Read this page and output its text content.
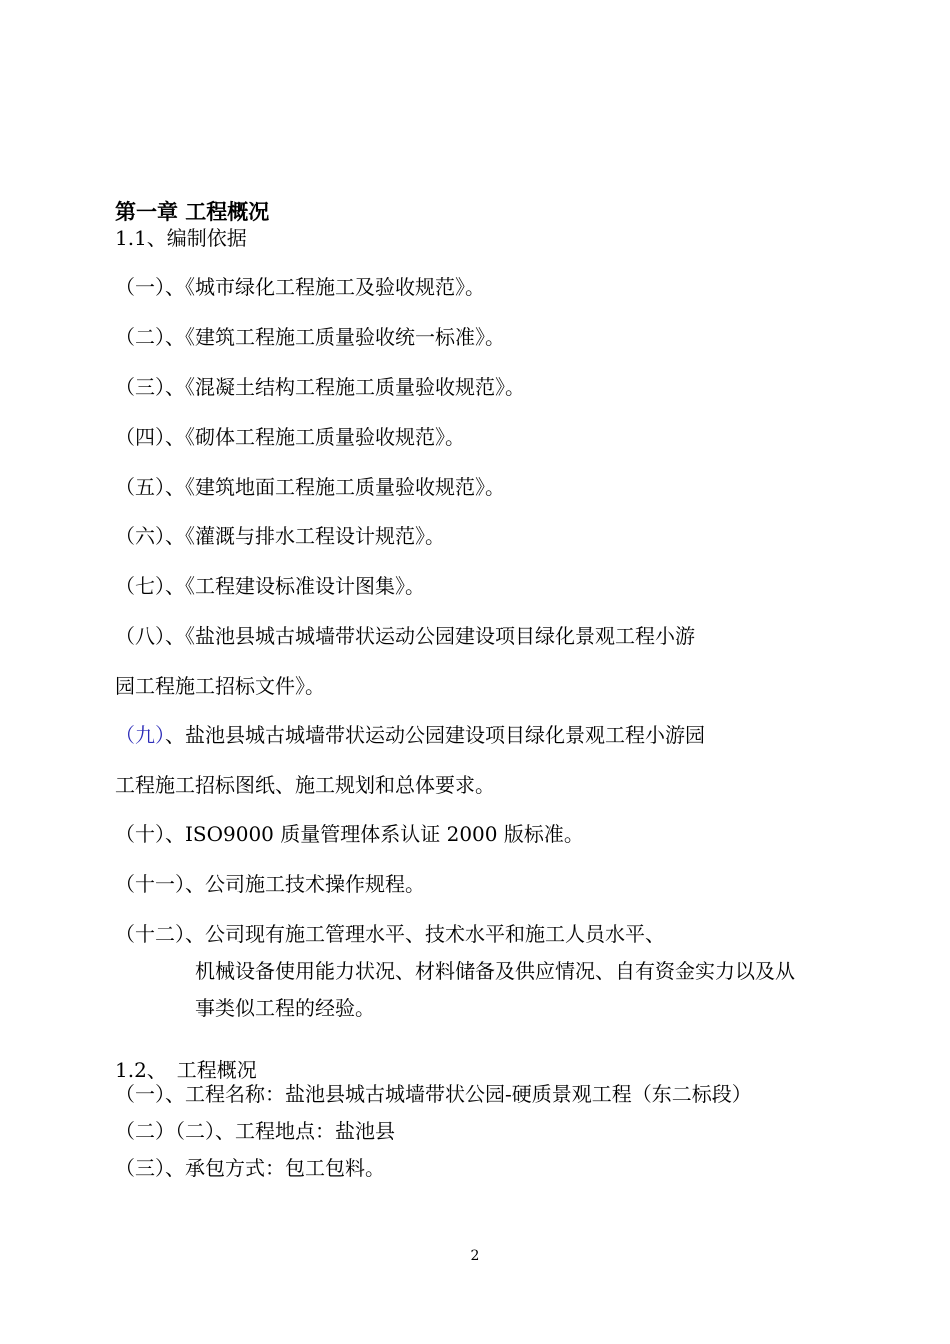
第一章 工程概况
1.1、编制依据
（一）、《城市绿化工程施工及验收规范》。
（二）、《建筑工程施工质量验收统一标准》。
（三）、《混凝土结构工程施工质量验收规范》。
（四）、《砌体工程施工质量验收规范》。
（五）、《建筑地面工程施工质量验收规范》。
（六）、《灌溉与排水工程设计规范》。
（七）、《工程建设标准设计图集》。
（八）、《盐池县城古城墙带状运动公园建设项目绿化景观工程小游
园工程施工招标文件》。
（九）、盐池县城古城墙带状运动公园建设项目绿化景观工程小游园
工程施工招标图纸、施工规划和总体要求。
（十）、ISO9000 质量管理体系认证 2000 版标准。
（十一）、公司施工技术操作规程。
（十二）、公司现有施工管理水平、技术水平和施工人员水平、
机械设备使用能力状况、材料储备及供应情况、自有资金实力以及从
事类似工程的经验。
1.2、　工程概况
（一）、工程名称：盐池县城古城墙带状公园-硬质景观工程（东二标段）
（二）（二）、工程地点：盐池县
（三）、承包方式：包工包料。
2
